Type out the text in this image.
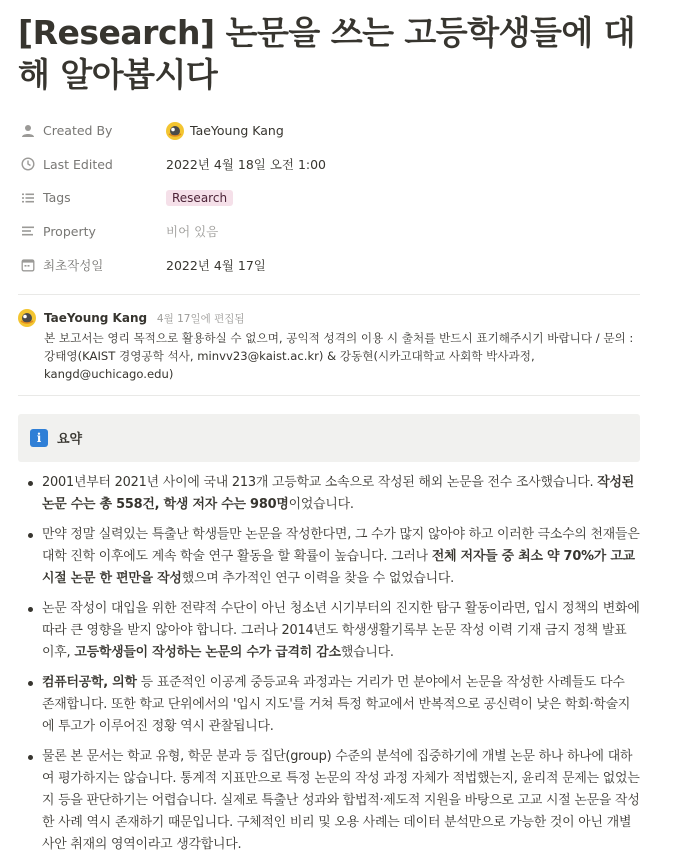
[Research] 논문을 쓰는 고등학생들에 대해 알아봅시다
Created By	TaeYoung Kang
Last Edited	2022년 4월 18일 오전 1:00
Tags	Research
Property	비어 있음
최초작성일	2022년 4월 17일
TaeYoung Kang 4월 17일에 편집됨
본 보고서는 영리 목적으로 활용하실 수 없으며, 공익적 성격의 이용 시 출처를 반드시 표기해주시기 바랍니다 / 문의 : 강태영(KAIST 경영공학 석사, minvv23@kaist.ac.kr) & 강동현(시카고대학교 사회학 박사과정, kangd@uchicago.edu)
i	요약
2001년부터 2021년 사이에 국내 213개 고등학교 소속으로 작성된 해외 논문을 전수 조사했습니다. 작성된 논문 수는 총 558건, 학생 저자 수는 980명이었습니다.
만약 정말 실력있는 특출난 학생들만 논문을 작성한다면, 그 수가 많지 않아야 하고 이러한 극소수의 천재들은 대학 진학 이후에도 계속 학술 연구 활동을 할 확률이 높습니다. 그러나 전체 저자들 중 최소 약 70%가 고교 시절 논문 한 편만을 작성했으며 추가적인 연구 이력을 찾을 수 없었습니다.
논문 작성이 대입을 위한 전략적 수단이 아닌 청소년 시기부터의 진지한 탐구 활동이라면, 입시 정책의 변화에 따라 큰 영향을 받지 않아야 합니다. 그러나 2014년도 학생생활기록부 논문 작성 이력 기재 금지 정책 발표 이후, 고등학생들이 작성하는 논문의 수가 급격히 감소했습니다.
컴퓨터공학, 의학 등 표준적인 이공계 중등교육 과정과는 거리가 먼 분야에서 논문을 작성한 사례들도 다수 존재합니다. 또한 학교 단위에서의 '입시 지도'를 거쳐 특정 학교에서 반복적으로 공신력이 낮은 학회·학술지에 투고가 이루어진 정황 역시 관찰됩니다.
물론 본 문서는 학교 유형, 학문 분과 등 집단(group) 수준의 분석에 집중하기에 개별 논문 하나 하나에 대하여 평가하지는 않습니다. 통계적 지표만으로 특정 논문의 작성 과정 자체가 적법했는지, 윤리적 문제는 없었는지 등을 판단하기는 어렵습니다. 실제로 특출난 성과와 합법적·제도적 지원을 바탕으로 고교 시절 논문을 작성한 사례 역시 존재하기 때문입니다. 구체적인 비리 및 오용 사례는 데이터 분석만으로 가능한 것이 아닌 개별 사안 취재의 영역이라고 생각합니다.
